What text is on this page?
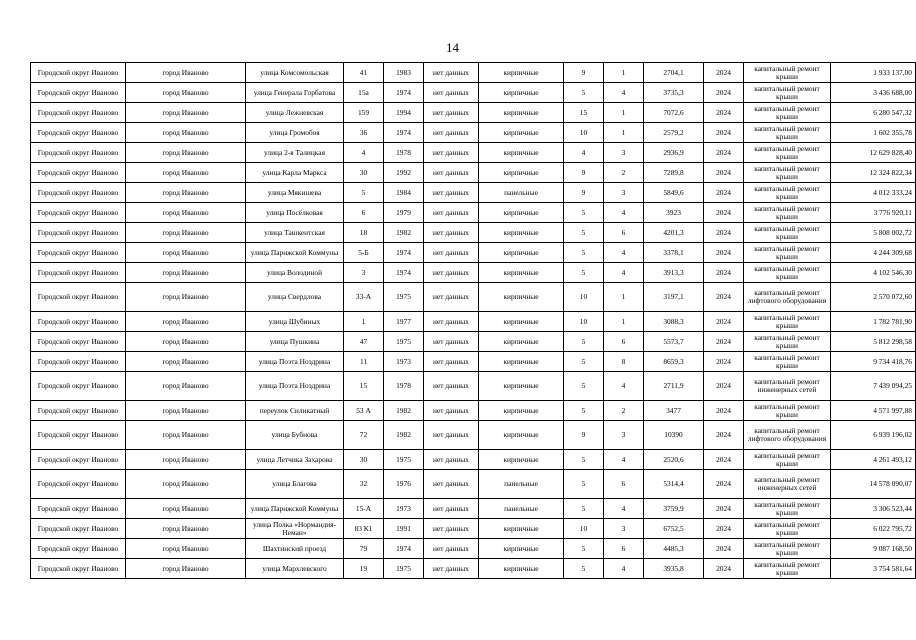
14
Городской округ Иваново	город Иваново	улица Комсомольская	41	1983	нет данных	кирпичные	9	1	2704,1	2024	капитальный ремонт крыши	1 933 137,00
Городской округ Иваново	город Иваново	улица Генерала Горбатова	15а	1974	нет данных	кирпичные	5	4	3735,3	2024	капитальный ремонт крыши	3 436 688,00
Городской округ Иваново	город Иваново	улица Лежневская	159	1994	нет данных	кирпичные	15	1	7072,6	2024	капитальный ремонт крыши	6 280 547,32
Городской округ Иваново	город Иваново	улица Громобоя	36	1974	нет данных	кирпичные	10	1	2579,2	2024	капитальный ремонт крыши	1 602 355,78
Городской округ Иваново	город Иваново	улица 2-я Талицкая	4	1978	нет данных	кирпичные	4	3	2936,9	2024	капитальный ремонт крыши	12 629 828,40
Городской округ Иваново	город Иваново	улица Карла Маркса	30	1992	нет данных	кирпичные	9	2	7289,8	2024	капитальный ремонт крыши	12 324 822,34
Городской округ Иваново	город Иваново	улица Мякишева	5	1984	нет данных	панельные	9	3	5849,6	2024	капитальный ремонт крыши	4 012 333,24
Городской округ Иваново	город Иваново	улица Посёлковая	6	1979	нет данных	кирпичные	5	4	3923	2024	капитальный ремонт крыши	3 776 920,11
Городской округ Иваново	город Иваново	улица Ташкентская	18	1982	нет данных	кирпичные	5	6	4201,3	2024	капитальный ремонт крыши	5 808 002,72
Городской округ Иваново	город Иваново	улица Парижской Коммуны	5-Б	1974	нет данных	кирпичные	5	4	3378,1	2024	капитальный ремонт крыши	4 244 309,68
Городской округ Иваново	город Иваново	улица Володиной	3	1974	нет данных	кирпичные	5	4	3913,3	2024	капитальный ремонт крыши	4 102 546,30
Городской округ Иваново	город Иваново	улица Свердлова	33-А	1975	нет данных	кирпичные	10	1	3197,1	2024	капитальный ремонт лифтового оборудования	2 570 072,60
Городской округ Иваново	город Иваново	улица Шубиных	1	1977	нет данных	кирпичные	10	1	3088,3	2024	капитальный ремонт крыши	1 782 781,90
Городской округ Иваново	город Иваново	улица Пушкина	47	1975	нет данных	кирпичные	5	6	5573,7	2024	капитальный ремонт крыши	5 812 298,58
Городской округ Иваново	город Иваново	улица Поэта Ноздрина	11	1973	нет данных	кирпичные	5	8	8659,3	2024	капитальный ремонт крыши	9 734 418,76
Городской округ Иваново	город Иваново	улица Поэта Ноздрина	15	1978	нет данных	кирпичные	5	4	2711,9	2024	капитальный ремонт инженерных сетей	7 439 094,25
Городской округ Иваново	город Иваново	переулок Силикатный	53 А	1982	нет данных	кирпичные	5	2	3477	2024	капитальный ремонт крыши	4 571 997,88
Городской округ Иваново	город Иваново	улица Бубнова	72	1982	нет данных	кирпичные	9	3	10390	2024	капитальный ремонт лифтового оборудования	6 939 196,02
Городской округ Иваново	город Иваново	улица Летчика Захарова	30	1975	нет данных	кирпичные	5	4	2520,6	2024	капитальный ремонт крыши	4 261 493,12
Городской округ Иваново	город Иваново	улица Благова	32	1976	нет данных	панельные	5	6	5314,4	2024	капитальный ремонт инженерных сетей	14 578 090,07
Городской округ Иваново	город Иваново	улица Парижской Коммуны	15-А	1973	нет данных	панельные	5	4	3759,9	2024	капитальный ремонт крыши	3 306 523,44
Городской округ Иваново	город Иваново	улица Полка «Нормандия-Неман»	83 К1	1991	нет данных	кирпичные	10	3	6752,5	2024	капитальный ремонт крыши	6 022 795,72
Городской округ Иваново	город Иваново	Шахтинский проезд	79	1974	нет данных	кирпичные	5	6	4485,3	2024	капитальный ремонт крыши	9 087 168,50
Городской округ Иваново	город Иваново	улица Мархлевского	19	1975	нет данных	кирпичные	5	4	3935,8	2024	капитальный ремонт крыши	3 754 581,64
